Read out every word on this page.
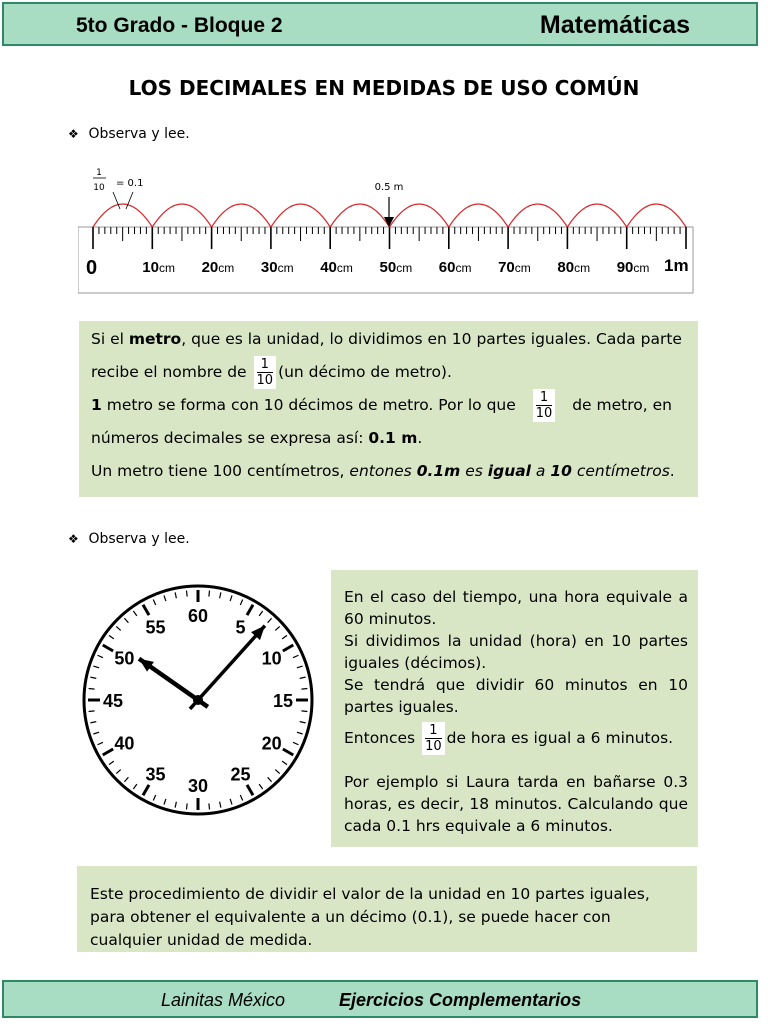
5to Grado - Bloque 2	Matemáticas
LOS DECIMALES EN MEDIDAS DE USO COMÚN
❖ Observa y lee.
1
10 = 0.1	0.5 m
0	10cm 20cm 30cm 40cm 50cm 60cm 70cm 80cm 90cm 1m
Si el metro, que es la unidad, lo dividimos en 10 partes iguales. Cada parte recibe el nombre de $\frac{1}{10} (un$ décimo de metro).
1 metro se forma con 10 décimos de metro. Por lo que $\frac{1}{10}$ de metro, en números decimales se expresa así: 0.1 m.
Un metro tiene 100 centímetros, entones 0.1m es igual a 10 centímetros.
❖ Observa y lee.
60
5
10
15
20
25
30
35
40
45
50
55
En el caso del tiempo, una hora equivale a 60 minutos.
Si dividimos la unidad (hora) en 10 partes iguales (décimos).
Se tendrá que dividir 60 minutos en 10 partes iguales.
Entonces $\frac{1}{10}$ de hora es igual a 6 minutos.
Por ejemplo si Laura tarda en bañarse 0.3 horas, es decir, 18 minutos. Calculando que cada 0.1 hrs equivale a 6 minutos.
Este procedimiento de dividir el valor de la unidad en 10 partes iguales, para obtener el equivalente a un décimo (0.1), se puede hacer con cualquier unidad de medida.
Lainitas México	Ejercicios Complementarios
